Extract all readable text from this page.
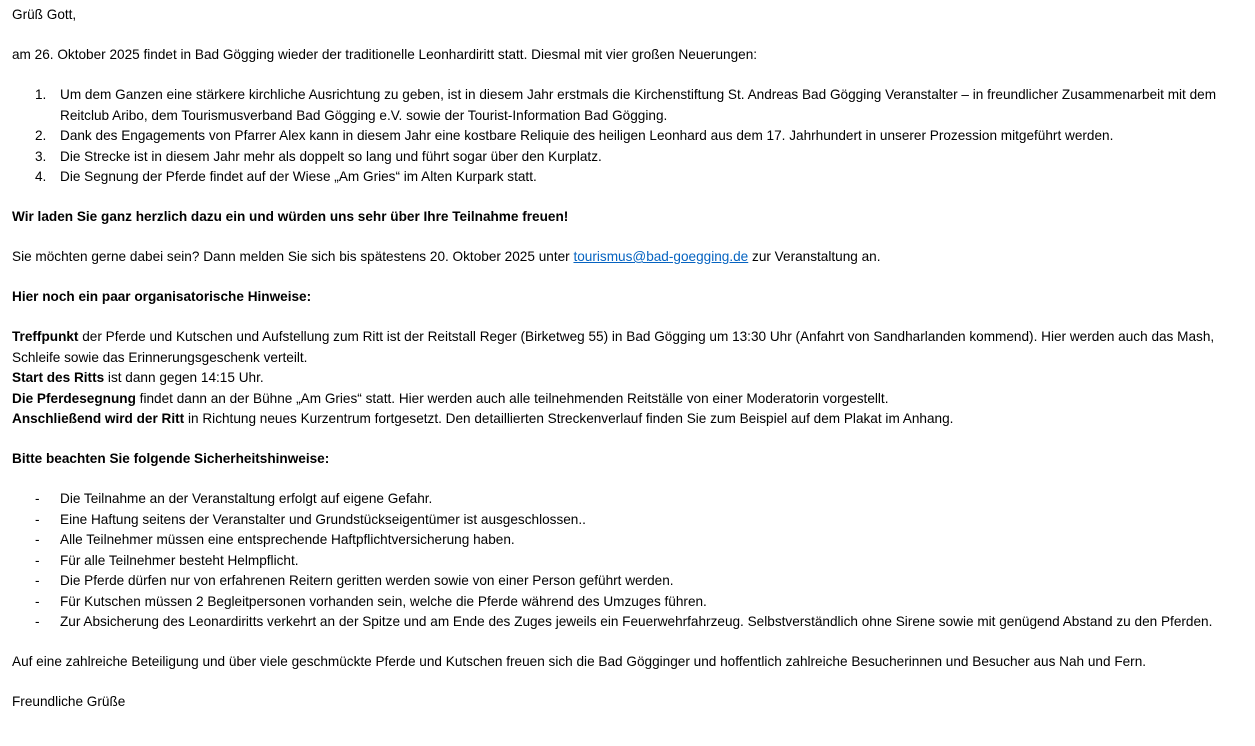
Grüß Gott,

am 26. Oktober 2025 findet in Bad Gögging wieder der traditionelle Leonhardiritt statt. Diesmal mit vier großen Neuerungen:

1. Um dem Ganzen eine stärkere kirchliche Ausrichtung zu geben, ist in diesem Jahr erstmals die Kirchenstiftung St. Andreas Bad Gögging Veranstalter – in freundlicher Zusammenarbeit mit dem Reitclub Aribo, dem Tourismusverband Bad Gögging e.V. sowie der Tourist-Information Bad Gögging.
2. Dank des Engagements von Pfarrer Alex kann in diesem Jahr eine kostbare Reliquie des heiligen Leonhard aus dem 17. Jahrhundert in unserer Prozession mitgeführt werden.
3. Die Strecke ist in diesem Jahr mehr als doppelt so lang und führt sogar über den Kurplatz.
4. Die Segnung der Pferde findet auf der Wiese „Am Gries“ im Alten Kurpark statt.

Wir laden Sie ganz herzlich dazu ein und würden uns sehr über Ihre Teilnahme freuen!

Sie möchten gerne dabei sein? Dann melden Sie sich bis spätestens 20. Oktober 2025 unter tourismus@bad-goegging.de zur Veranstaltung an.

Hier noch ein paar organisatorische Hinweise:

Treffpunkt der Pferde und Kutschen und Aufstellung zum Ritt ist der Reitstall Reger (Birketweg 55) in Bad Gögging um 13:30 Uhr (Anfahrt von Sandharlanden kommend). Hier werden auch das Mash, Schleife sowie das Erinnerungsgeschenk verteilt.

Start des Ritts ist dann gegen 14:15 Uhr.

Die Pferdesegnung findet dann an der Bühne „Am Gries“ statt. Hier werden auch alle teilnehmenden Reitställe von einer Moderatorin vorgestellt.

Anschließend wird der Ritt in Richtung neues Kurzentrum fortgesetzt. Den detaillierten Streckenverlauf finden Sie zum Beispiel auf dem Plakat im Anhang.

Bitte beachten Sie folgende Sicherheitshinweise:

- Die Teilnahme an der Veranstaltung erfolgt auf eigene Gefahr.
- Eine Haftung seitens der Veranstalter und Grundstückseigentümer ist ausgeschlossen..
- Alle Teilnehmer müssen eine entsprechende Haftpflichtversicherung haben.
- Für alle Teilnehmer besteht Helmpflicht.
- Die Pferde dürfen nur von erfahrenen Reitern geritten werden sowie von einer Person geführt werden.
- Für Kutschen müssen 2 Begleitpersonen vorhanden sein, welche die Pferde während des Umzuges führen.
- Zur Absicherung des Leonardiritts verkehrt an der Spitze und am Ende des Zuges jeweils ein Feuerwehrfahrzeug. Selbstverständlich ohne Sirene sowie mit genügend Abstand zu den Pferden.

Auf eine zahlreiche Beteiligung und über viele geschmückte Pferde und Kutschen freuen sich die Bad Gögginger und hoffentlich zahlreiche Besucherinnen und Besucher aus Nah und Fern.

Freundliche Grüße
